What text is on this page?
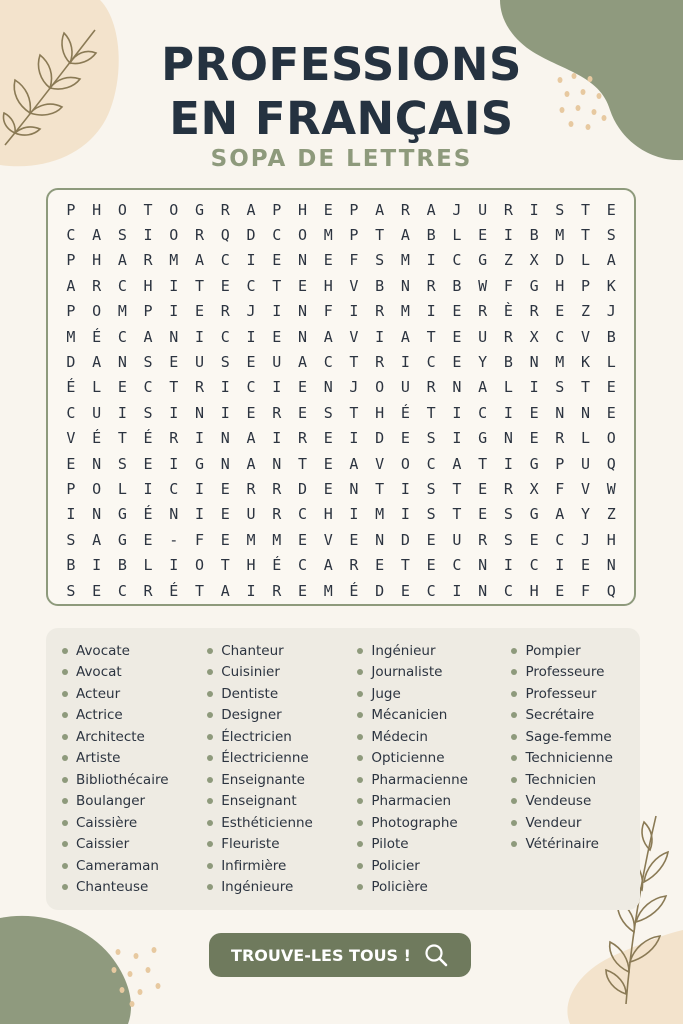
PROFESSIONS
EN FRANÇAIS
SOPA DE LETTRES
P	H	O	T	O	G	R	A	P	H	E	P	A	R	A	J	U	R	I	S	T	E
C	A	S	I	O	R	Q	D	C	O	M	P	T	A	B	L	E	I	B	M	T	S
P	H	A	R	M	A	C	I	E	N	E	F	S	M	I	C	G	Z	X	D	L	A
A	R	C	H	I	T	E	C	T	E	H	V	B	N	R	B	W	F	G	H	P	K
P	O	M	P	I	E	R	J	I	N	F	I	R	M	I	E	R	È	R	E	Z	J
M	É	C	A	N	I	C	I	E	N	A	V	I	A	T	E	U	R	X	C	V	B
D	A	N	S	E	U	S	E	U	A	C	T	R	I	C	E	Y	B	N	M	K	L
É	L	E	C	T	R	I	C	I	E	N	J	O	U	R	N	A	L	I	S	T	E
C	U	I	S	I	N	I	E	R	E	S	T	H	É	T	I	C	I	E	N	N	E
V	É	T	É	R	I	N	A	I	R	E	I	D	E	S	I	G	N	E	R	L	O
E	N	S	E	I	G	N	A	N	T	E	A	V	O	C	A	T	I	G	P	U	Q
P	O	L	I	C	I	E	R	R	D	E	N	T	I	S	T	E	R	X	F	V	W
I	N	G	É	N	I	E	U	R	C	H	I	M	I	S	T	E	S	G	A	Y	Z
S	A	G	E	-	F	E	M	M	E	V	E	N	D	E	U	R	S	E	C	J	H
B	I	B	L	I	O	T	H	É	C	A	R	E	T	E	C	N	I	C	I	E	N
S	E	C	R	É	T	A	I	R	E	M	É	D	E	C	I	N	C	H	E	F	Q
Avocate
Avocat
Acteur
Actrice
Architecte
Artiste
Bibliothécaire
Boulanger
Caissière
Caissier
Cameraman
Chanteuse
Chanteur
Cuisinier
Dentiste
Designer
Électricien
Électricienne
Enseignante
Enseignant
Esthéticienne
Fleuriste
Infirmière
Ingénieure
Ingénieur
Journaliste
Juge
Mécanicien
Médecin
Opticienne
Pharmacienne
Pharmacien
Photographe
Pilote
Policier
Policière
Pompier
Professeure
Professeur
Secrétaire
Sage-femme
Technicienne
Technicien
Vendeuse
Vendeur
Vétérinaire
TROUVE-LES TOUS !
